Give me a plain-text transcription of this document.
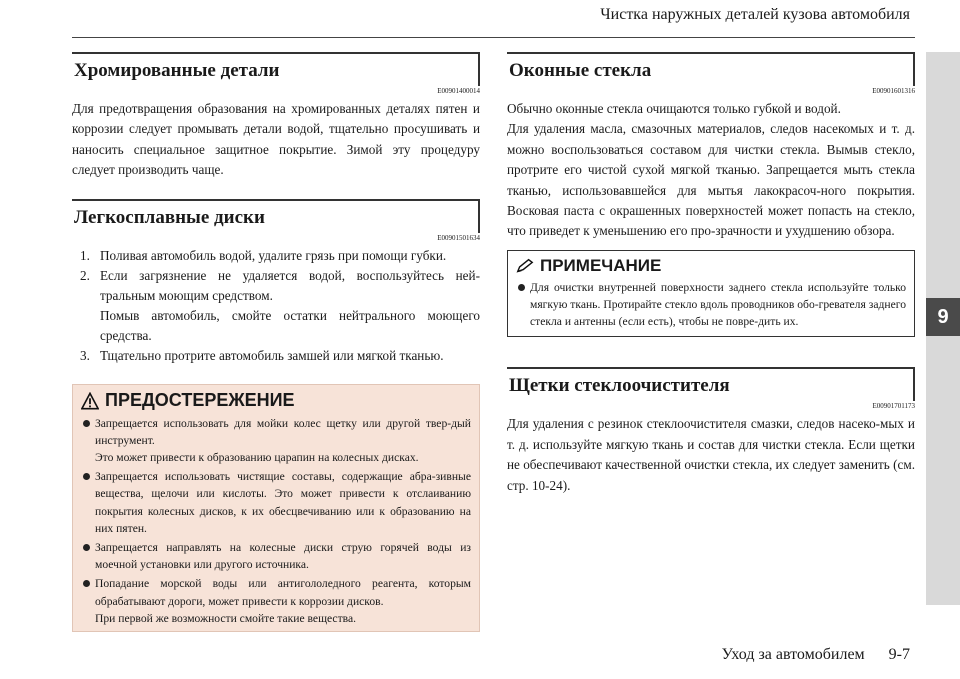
Чистка наружных деталей кузова автомобиля
9
Хромированные детали
E00901400014
Для предотвращения образования на хромированных деталях пятен и коррозии следует промывать детали водой, тщательно просушивать и наносить специальное защитное покрытие. Зимой эту процедуру следует производить чаще.
Легкосплавные диски
E00901501634
1. Поливая автомобиль водой, удалите грязь при помощи губки.
2. Если загрязнение не удаляется водой, воспользуйтесь ней-тральным моющим средством.
Помыв автомобиль, смойте остатки нейтрального моющего средства.
3. Тщательно протрите автомобиль замшей или мягкой тканью.
ПРЕДОСТЕРЕЖЕНИЕ
Запрещается использовать для мойки колес щетку или другой твер-дый инструмент.
Это может привести к образованию царапин на колесных дисках.
Запрещается использовать чистящие составы, содержащие абра-зивные вещества, щелочи или кислоты. Это может привести к отслаиванию покрытия колесных дисков, к их обесцвечиванию или к образованию на них пятен.
Запрещается направлять на колесные диски струю горячей воды из моечной установки или другого источника.
Попадание морской воды или антигололедного реагента, которым обрабатывают дороги, может привести к коррозии дисков.
При первой же возможности смойте такие вещества.
Оконные стекла
E00901601316
Обычно оконные стекла очищаются только губкой и водой.
Для удаления масла, смазочных материалов, следов насекомых и т. д. можно воспользоваться составом для чистки стекла. Вымыв стекло, протрите его чистой сухой мягкой тканью. Запрещается мыть стекла тканью, использовавшейся для мытья лакокрасоч-ного покрытия. Восковая паста с окрашенных поверхностей может попасть на стекло, что приведет к уменьшению его про-зрачности и ухудшению обзора.
ПРИМЕЧАНИЕ
Для очистки внутренней поверхности заднего стекла используйте только мягкую ткань. Протирайте стекло вдоль проводников обо-гревателя заднего стекла и антенны (если есть), чтобы не повре-дить их.
Щетки стеклоочистителя
E00901701173
Для удаления с резинок стеклоочистителя смазки, следов насеко-мых и т. д. используйте мягкую ткань и состав для чистки стекла. Если щетки не обеспечивают качественной очистки стекла, их следует заменить (см. стр. 10-24).
Уход за автомобилем 9-7
